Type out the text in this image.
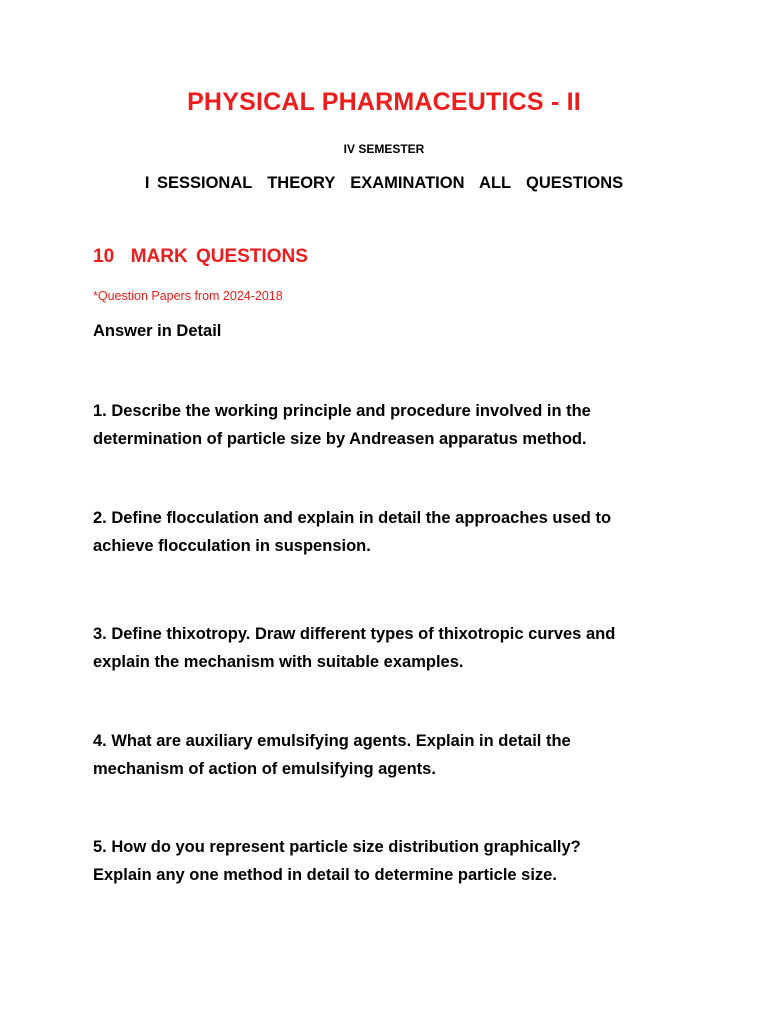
PHYSICAL PHARMACEUTICS - II
IV SEMESTER
I SESSIONAL  THEORY  EXAMINATION  ALL  QUESTIONS
10  MARK QUESTIONS
*Question Papers from 2024-2018
Answer in Detail
1. Describe the working principle and procedure involved in the
determination of particle size by Andreasen apparatus method.
2. Define flocculation and explain in detail the approaches used to
achieve flocculation in suspension.
3. Define thixotropy. Draw different types of thixotropic curves and
explain the mechanism with suitable examples.
4. What are auxiliary emulsifying agents. Explain in detail the
mechanism of action of emulsifying agents.
5. How do you represent particle size distribution graphically?
Explain any one method in detail to determine particle size.
